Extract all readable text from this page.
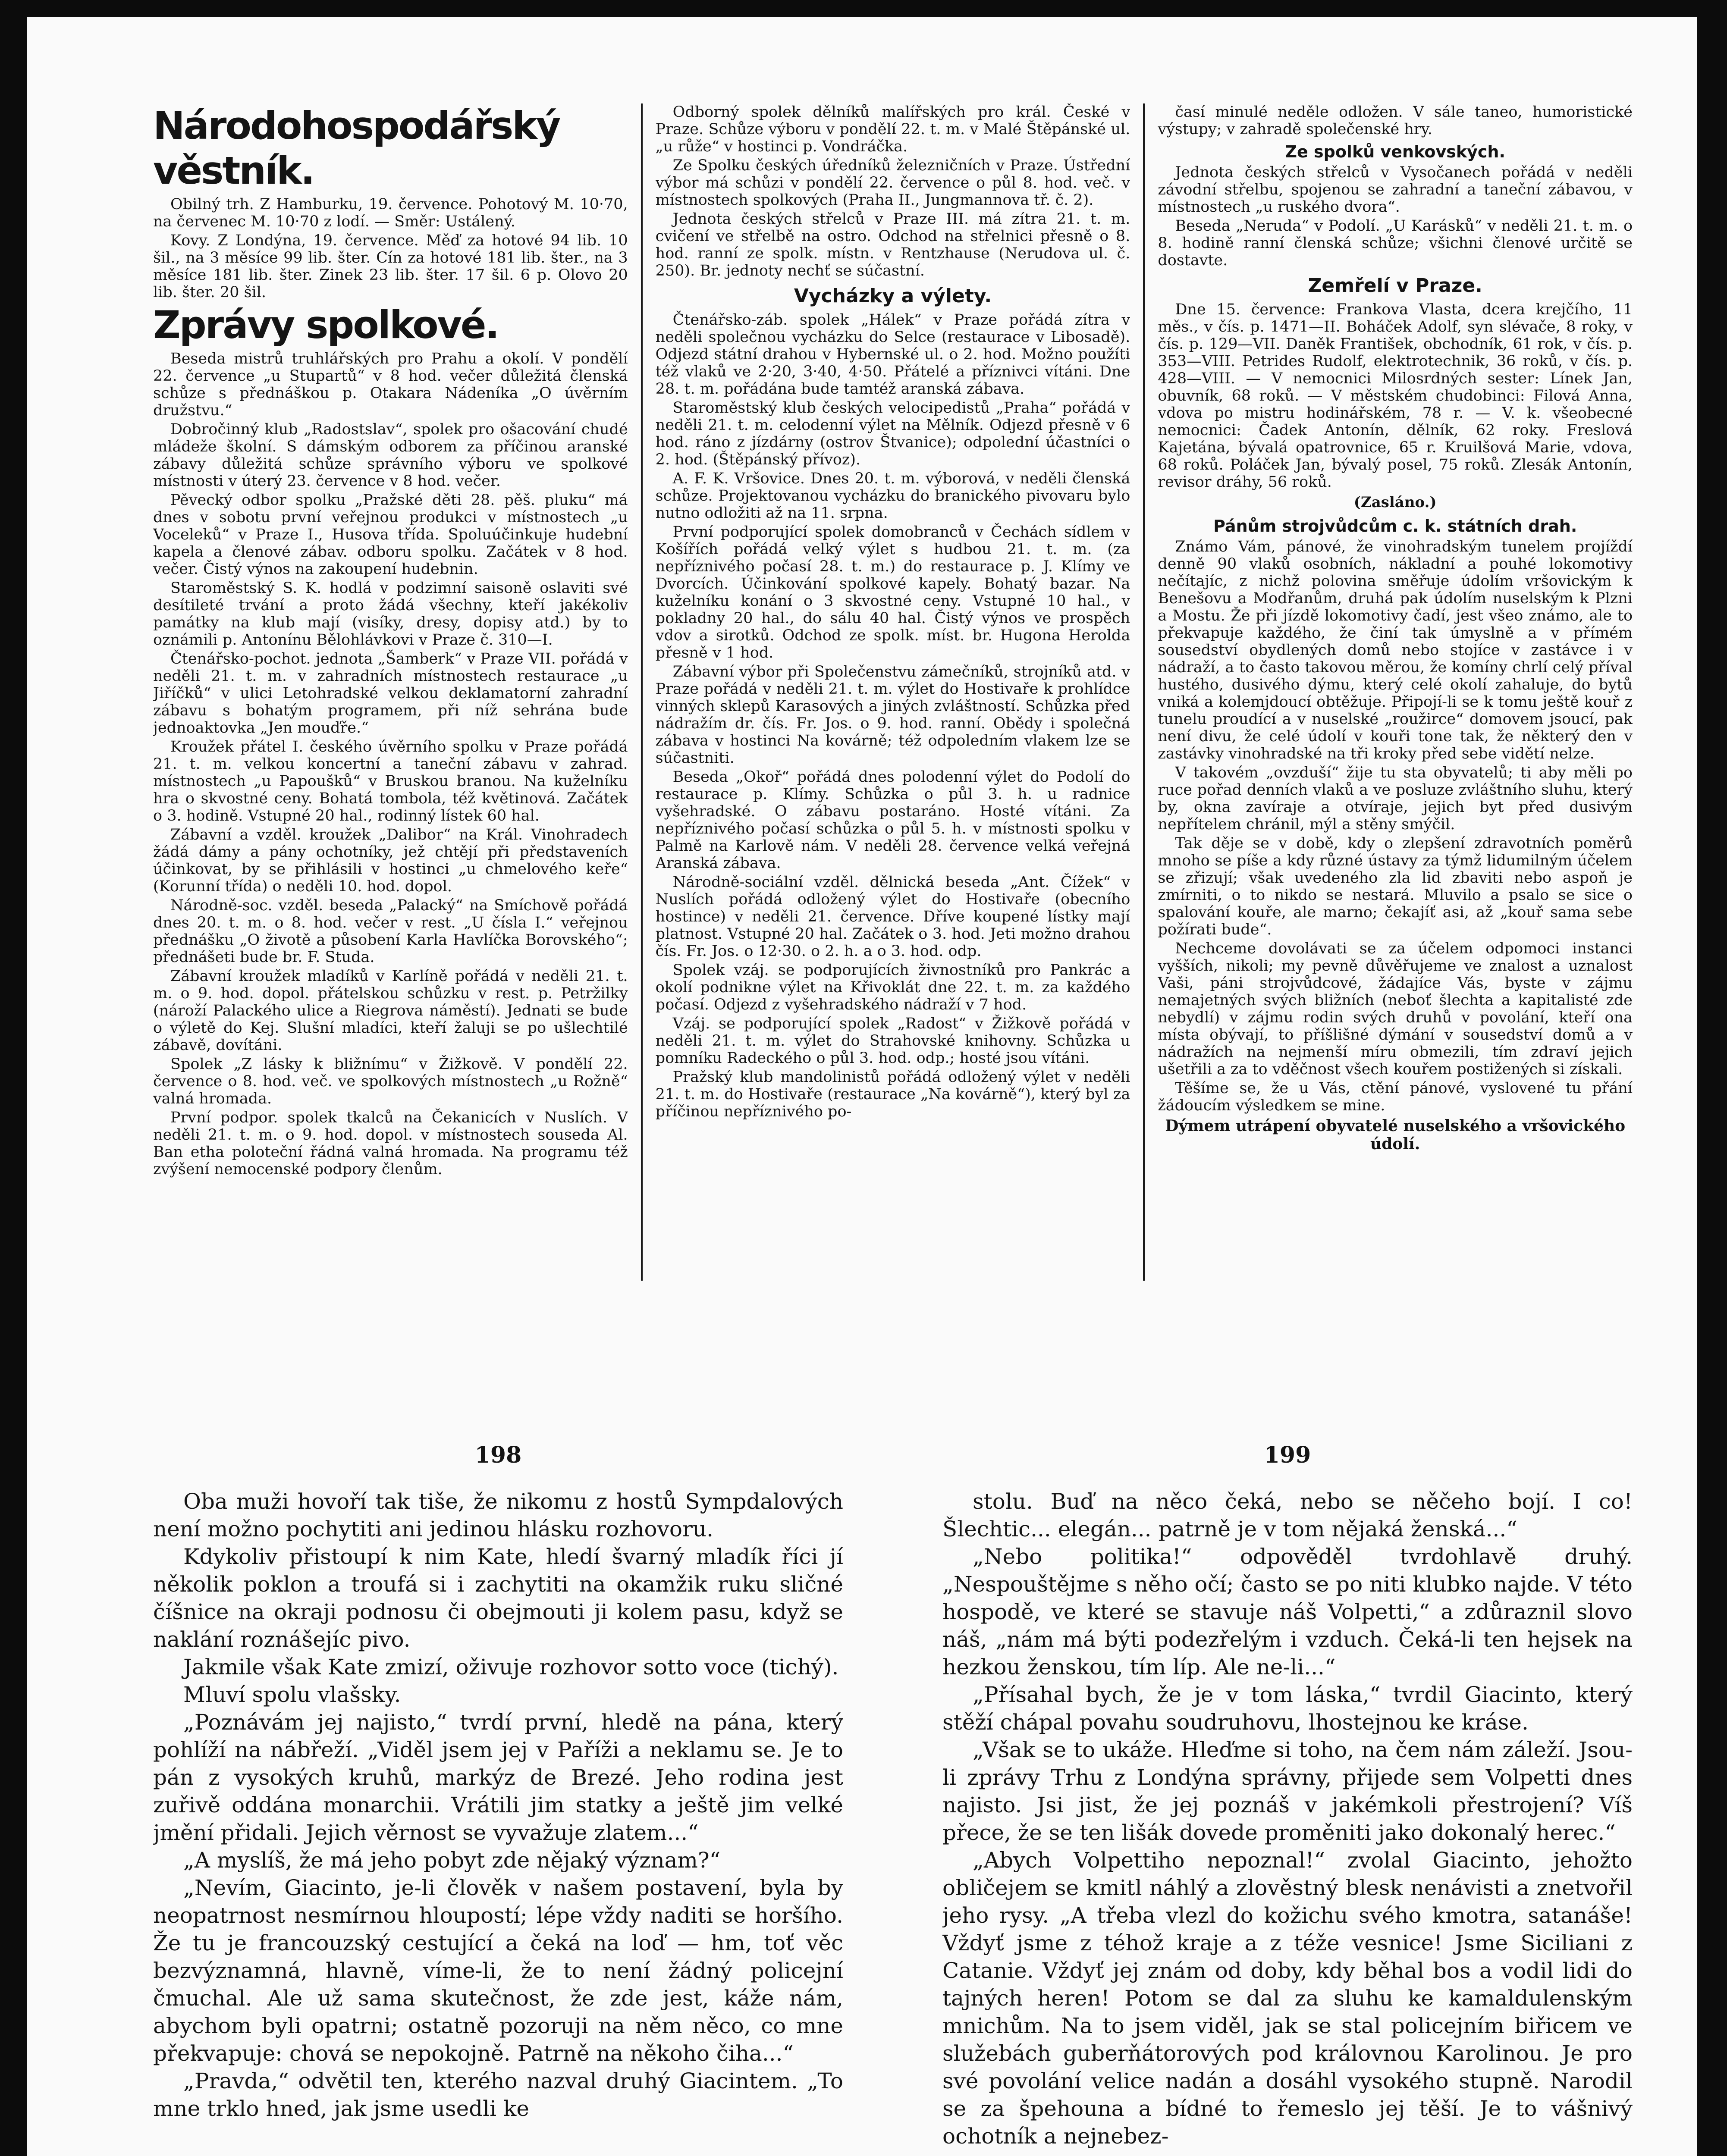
Národohospodářský věstník.

Obilný trh. Z Hamburku, 19. července. Pohotový M. 10·70, na červenec M. 10·70 z lodí. — Směr: Ustálený.

Kovy. Z Londýna, 19. července. Měď za hotové 94 lib. 10 šil., na 3 měsíce 99 lib. šter. Cín za hotové 181 lib. šter., na 3 měsíce 181 lib. šter. Zinek 23 lib. šter. 17 šil. 6 p. Olovo 20 lib. šter. 20 šil.

Zprávy spolkové.

Beseda mistrů truhlářských pro Prahu a okolí. V pondělí 22. července „u Stupartů“ v 8 hod. večer důležitá členská schůze s přednáškou p. Otakara Nádeníka „O úvěrním družstvu.“

Dobročinný klub „Radostslav“, spolek pro ošacování chudé mládeže školní. S dámským odborem za příčinou aranské zábavy důležitá schůze správního výboru ve spolkové místnosti v úterý 23. července v 8 hod. večer.

Pěvecký odbor spolku „Pražské děti 28. pěš. pluku“ má dnes v sobotu první veřejnou produkci v místnostech „u Voceleků“ v Praze I., Husova třída. Spoluúčinkuje hudební kapela a členové zábav. odboru spolku. Začátek v 8 hod. večer. Čistý výnos na zakoupení hudebnin.

Staroměstský S. K. hodlá v podzimní saisoně oslaviti své desítileté trvání a proto žádá všechny, kteří jakékoliv památky na klub mají (visíky, dresy, dopisy atd.) by to oznámili p. Antonínu Bělohlávkovi v Praze č. 310—I.

Čtenářsko-pochot. jednota „Šamberk“ v Praze VII. pořádá v neděli 21. t. m. v zahradních místnostech restaurace „u Jiříčků“ v ulici Letohradské velkou deklamatorní zahradní zábavu s bohatým programem, při níž sehrána bude jednoaktovka „Jen mouďře.“

Kroužek přátel I. českého úvěrního spolku v Praze pořádá 21. t. m. velkou koncertní a taneční zábavu v zahrad. místnostech „u Papoušků“ v Bruskou branou. Na kuželníku hra o skvostné ceny. Bohatá tombola, též květinová. Začátek o 3. hodině. Vstupné 20 hal., rodinný lístek 60 hal.

Zábavní a vzděl. kroužek „Dalibor“ na Král. Vinohradech žádá dámy a pány ochotníky, jež chtějí při představeních účinkovat, by se přihlásili v hostinci „u chmelového keře“ (Korunní třída) o neděli 10. hod. dopol.

Národně-soc. vzděl. beseda „Palacký“ na Smíchově pořádá dnes 20. t. m. o 8. hod. večer v rest. „U čísla I.“ veřejnou přednášku „O životě a působení Karla Havlíčka Borovského“; přednášeti bude br. F. Studa.

Zábavní kroužek mladíků v Karlíně pořádá v neděli 21. t. m. o 9. hod. dopol. přátelskou schůzku v rest. p. Petržilky (nároží Palackého ulice a Riegrova náměstí). Jednati se bude o výletě do Kej. Slušní mladíci, kteří žaluji se po ušlechtilé zábavě, dovítáni.

Spolek „Z lásky k bližnímu“ v Žižkově. V pondělí 22. července o 8. hod. več. ve spolkových místnostech „u Rožně“ valná hromada.

První podpor. spolek tkalců na Čekanicích v Nuslích. V neděli 21. t. m. o 9. hod. dopol. v místnostech souseda Al. Ban etha poloteční řádná valná hromada. Na programu též zvýšení nemocenské podpory členům.

Odborný spolek dělníků malířských pro král. České v Praze. Schůze výboru v pondělí 22. t. m. v Malé Štěpánské ul. „u růže“ v hostinci p. Vondráčka.

Ze Spolku českých úředníků železničních v Praze. Ústřední výbor má schůzi v pondělí 22. července o půl 8. hod. več. v místnostech spolkových (Praha II., Jungmannova tř. č. 2).

Jednota českých střelců v Praze III. má zítra 21. t. m. cvičení ve střelbě na ostro. Odchod na střelnici přesně o 8. hod. ranní ze spolk. místn. v Rentzhause (Nerudova ul. č. 250). Br. jednoty nechť se súčastní.

Vycházky a výlety.

Čtenářsko-záb. spolek „Hálek“ v Praze pořádá zítra v neděli společnou vycházku do Selce (restaurace v Libosadě). Odjezd státní drahou v Hybernské ul. o 2. hod. Možno použíti též vlaků ve 2·20, 3·40, 4·50. Přátelé a příznivci vítáni. Dne 28. t. m. pořádána bude tamtéž aranská zábava.

Staroměstský klub českých velocipedistů „Praha“ pořádá v neděli 21. t. m. celodenní výlet na Mělník. Odjezd přesně v 6 hod. ráno z jízdárny (ostrov Štvanice); odpolední účastníci o 2. hod. (Štěpánský přívoz).

A. F. K. Vršovice. Dnes 20. t. m. výborová, v neděli členská schůze. Projektovanou vycházku do branického pivovaru bylo nutno odložiti až na 11. srpna.

První podporující spolek domobranců v Čechách sídlem v Košířích pořádá velký výlet s hudbou 21. t. m. (za nepříznivého počasí 28. t. m.) do restaurace p. J. Klímy ve Dvorcích. Účinkování spolkové kapely. Bohatý bazar. Na kuželníku konání o 3 skvostné ceny. Vstupné 10 hal., v pokladny 20 hal., do sálu 40 hal. Čistý výnos ve prospěch vdov a sirotků. Odchod ze spolk. míst. br. Hugona Herolda přesně v 1 hod.

Zábavní výbor při Společenstvu zámečníků, strojníků atd. v Praze pořádá v neděli 21. t. m. výlet do Hostivaře k prohlídce vinných sklepů Karasových a jiných zvláštností. Schůzka před nádražím dr. čís. Fr. Jos. o 9. hod. ranní. Obědy i společná zábava v hostinci Na kovárně; též odpoledním vlakem lze se súčastniti.

Beseda „Okoř“ pořádá dnes polodenní výlet do Podolí do restaurace p. Klímy. Schůzka o půl 3. h. u radnice vyšehradské. O zábavu postaráno. Hosté vítáni. Za nepříznivého počasí schůzka o půl 5. h. v místnosti spolku v Palmě na Karlově nám. V neděli 28. července velká veřejná Aranská zábava.

Národně-sociální vzděl. dělnická beseda „Ant. Čížek“ v Nuslích pořádá odložený výlet do Hostivaře (obecního hostince) v neděli 21. července. Dříve koupené lístky mají platnost. Vstupné 20 hal. Začátek o 3. hod. Jeti možno drahou čís. Fr. Jos. o 12·30. o 2. h. a o 3. hod. odp.

Spolek vzáj. se podporujících živnostníků pro Pankrác a okolí podnikne výlet na Křivoklát dne 22. t. m. za každého počasí. Odjezd z vyšehradského nádraží v 7 hod.

Vzáj. se podporující spolek „Radost“ v Žižkově pořádá v neděli 21. t. m. výlet do Strahovské knihovny. Schůzka u pomníku Radeckého o půl 3. hod. odp.; hosté jsou vítáni.

Pražský klub mandolinistů pořádá odložený výlet v neděli 21. t. m. do Hostivaře (restaurace „Na kovárně“), který byl za příčinou nepříznivého po-

časí minulé neděle odložen. V sále taneo, humoristické výstupy; v zahradě společenské hry.

Ze spolků venkovských.

Jednota českých střelců v Vysočanech pořádá v neděli závodní střelbu, spojenou se zahradní a taneční zábavou, v místnostech „u ruského dvora“.

Beseda „Neruda“ v Podolí. „U Karásků“ v neděli 21. t. m. o 8. hodině ranní členská schůze; všichni členové určitě se dostavte.

Zemřelí v Praze.

Dne 15. července: Frankova Vlasta, dcera krejčího, 11 měs., v čís. p. 1471—II. Boháček Adolf, syn slévače, 8 roky, v čís. p. 129—VII. Daněk František, obchodník, 61 rok, v čís. p. 353—VIII. Petrides Rudolf, elektrotechnik, 36 roků, v čís. p. 428—VIII. — V nemocnici Milosrdných sester: Línek Jan, obuvník, 68 roků. — V městském chudobinci: Filová Anna, vdova po mistru hodinářském, 78 r. — V. k. všeobecné nemocnici: Čadek Antonín, dělník, 62 roky. Freslová Kajetána, bývalá opatrovnice, 65 r. Kruilšová Marie, vdova, 68 roků. Poláček Jan, bývalý posel, 75 roků. Zlesák Antonín, revisor dráhy, 56 roků.

(Zasláno.)
Pánům strojvůdcům c. k. státních drah.

Známo Vám, pánové, že vinohradským tunelem projíždí denně 90 vlaků osobních, nákladní a pouhé lokomotivy nečítajíc, z nichž polovina směřuje údolím vršovickým k Benešovu a Modřanům, druhá pak údolím nuselským k Plzni a Mostu. Že při jízdě lokomotivy čadí, jest všeo známo, ale to překvapuje každého, že činí tak úmyslně a v přímém sousedství obydlených domů nebo stojíce v zastávce i v nádraží, a to často takovou měrou, že komíny chrlí celý příval hustého, dusivého dýmu, který celé okolí zahaluje, do bytů vniká a kolemjdoucí obtěžuje. Připojí-li se k tomu ještě kouř z tunelu proudící a v nuselské „roužirce“ domovem jsoucí, pak není divu, že celé údolí v kouři tone tak, že některý den v zastávky vinohradské na tři kroky před sebe vidětí nelze.

V takovém „ovzduší“ žije tu sta obyvatelů; ti aby měli po ruce pořad denních vlaků a ve posluze zvláštního sluhu, který by, okna zavíraje a otvíraje, jejich byt před dusivým nepřítelem chránil, mýl a stěny smýčil.

Tak děje se v době, kdy o zlepšení zdravotních poměrů mnoho se píše a kdy různé ústavy za týmž lidumilným účelem se zřizují; však uvedeného zla lid zbaviti nebo aspoň je zmírniti, o to nikdo se nestará. Mluvilo a psalo se sice o spalování kouře, ale marno; čekajíť asi, až „kouř sama sebe požírati bude“.

Nechceme dovolávati se za účelem odpomoci instanci vyšších, nikoli; my pevně důvěřujeme ve znalost a uznalost Vaši, páni strojvůdcové, žádajíce Vás, byste v zájmu nemajetných svých bližních (neboť šlechta a kapitalisté zde nebydlí) v zájmu rodin svých druhů v povolání, kteří ona místa obývají, to příšlišné dýmání v sousedství domů a v nádražích na nejmenší míru obmezili, tím zdraví jejich ušetřili a za to vděčnost všech kouřem postižených si získali.

Těšíme se, že u Vás, ctění pánové, vyslovené tu přání žádoucím výsledkem se mine.

Dýmem utrápení obyvatelé nuselského a vršovického údolí.
198

Oba muži hovoří tak tiše, že nikomu z hostů Sympdalových není možno pochytiti ani jedinou hlásku rozhovoru.

Kdykoliv přistoupí k nim Kate, hledí švarný mladík říci jí několik poklon a troufá si i zachytiti na okamžik ruku sličné číšnice na okraji podnosu či obejmouti ji kolem pasu, když se naklání roznášejíc pivo.

Jakmile však Kate zmizí, oživuje rozhovor sotto voce (tichý).

Mluví spolu vlašsky.

„Poznávám jej najisto,“ tvrdí první, hledě na pána, který pohlíží na nábřeží. „Viděl jsem jej v Paříži a neklamu se. Je to pán z vysokých kruhů, markýz de Brezé. Jeho rodina jest zuřivě oddána monarchii. Vrátili jim statky a ještě jim velké jmění přidali. Jejich věrnost se vyvažuje zlatem...“

„A myslíš, že má jeho pobyt zde nějaký význam?“

„Nevím, Giacinto, je-li člověk v našem postavení, byla by neopatrnost nesmírnou hloupostí; lépe vždy naditi se horšího. Že tu je francouzský cestující a čeká na loď — hm, toť věc bezvýznamná, hlavně, víme-li, že to není žádný policejní čmuchal. Ale už sama skutečnost, že zde jest, káže nám, abychom byli opatrni; ostatně pozoruji na něm něco, co mne překvapuje: chová se nepokojně. Patrně na někoho čiha...“

„Pravda,“ odvětil ten, kterého nazval druhý Giacintem. „To mne trklo hned, jak jsme usedli ke

199

stolu. Buď na něco čeká, nebo se něčeho bojí. I co! Šlechtic... elegán... patrně je v tom nějaká ženská...“

„Nebo politika!“ odpověděl tvrdohlavě druhý. „Nespouštějme s něho očí; často se po niti klubko najde. V této hospodě, ve které se stavuje náš Volpetti,“ a zdůraznil slovo náš, „nám má býti podezřelým i vzduch. Čeká-li ten hejsek na hezkou ženskou, tím líp. Ale ne-li...“

„Přísahal bych, že je v tom láska,“ tvrdil Giacinto, který stěží chápal povahu soudruhovu, lhostejnou ke kráse.

„Však se to ukáže. Hleďme si toho, na čem nám záleží. Jsou-li zprávy Trhu z Londýna správny, přijede sem Volpetti dnes najisto. Jsi jist, že jej poznáš v jakémkoli přestrojení? Víš přece, že se ten lišák dovede proměniti jako dokonalý herec.“

„Abych Volpettiho nepoznal!“ zvolal Giacinto, jehožto obličejem se kmitl náhlý a zlověstný blesk nenávisti a znetvořil jeho rysy. „A třeba vlezl do kožichu svého kmotra, satanáše! Vždyť jsme z téhož kraje a z téže vesnice! Jsme Siciliani z Catanie. Vždyť jej znám od doby, kdy běhal bos a vodil lidi do tajných heren! Potom se dal za sluhu ke kamaldulenským mnichům. Na to jsem viděl, jak se stal policejním biřicem ve služebách guberňátorových pod královnou Karolinou. Je pro své povolání velice nadán a dosáhl vysokého stupně. Narodil se za špehouna a bídné to řemeslo jej těší. Je to vášnivý ochotník a nejnebez-
